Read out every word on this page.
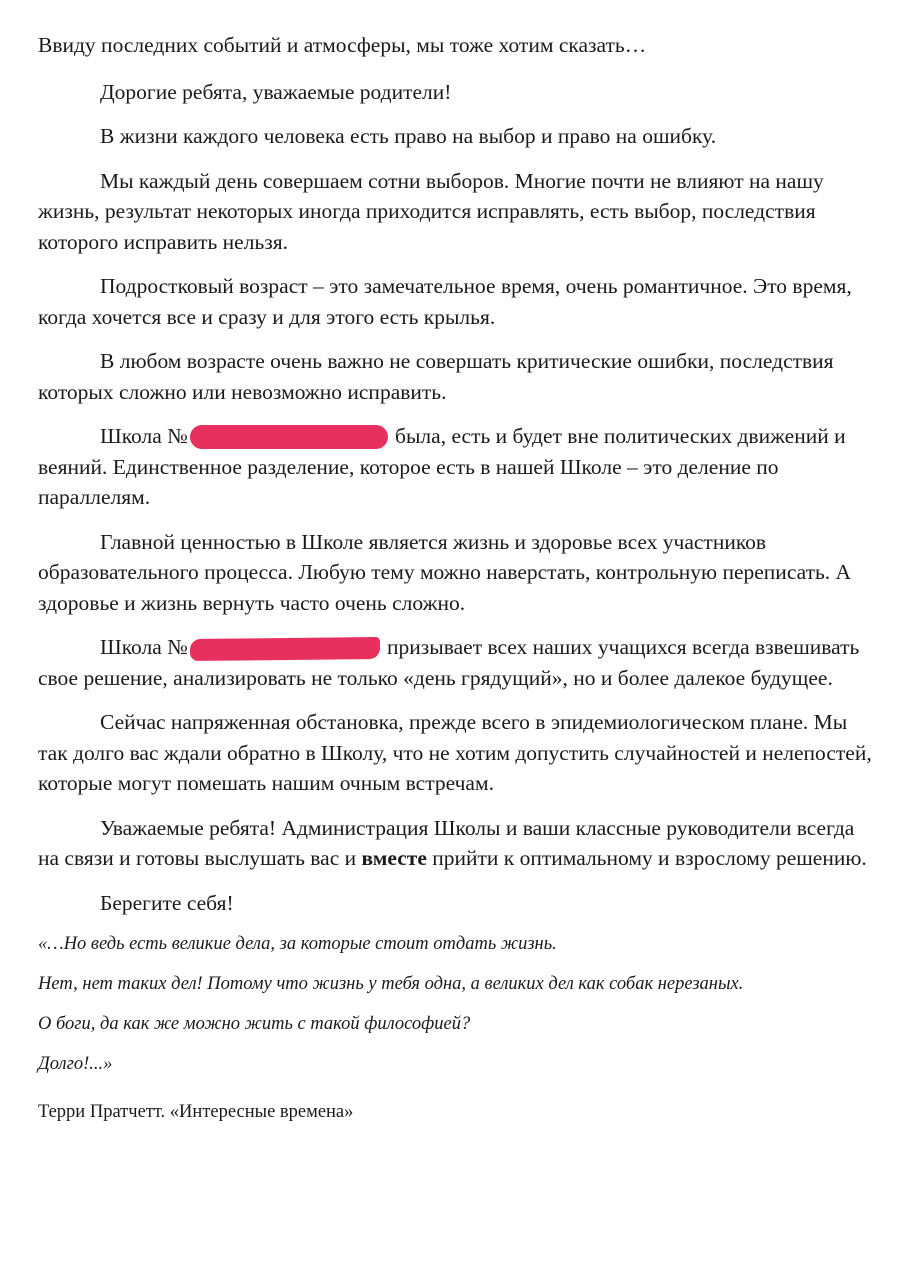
Ввиду последних событий и атмосферы, мы тоже хотим сказать…

Дорогие ребята, уважаемые родители!

В жизни каждого человека есть право на выбор и право на ошибку.

Мы каждый день совершаем сотни выборов. Многие почти не влияют на нашу жизнь, результат некоторых иногда приходится исправлять, есть выбор, последствия которого исправить нельзя.

Подростковый возраст – это замечательное время, очень романтичное. Это время, когда хочется все и сразу и для этого есть крылья.

В любом возрасте очень важно не совершать критические ошибки, последствия которых сложно или невозможно исправить.

Школа №	была, есть и будет вне политических движений и веяний. Единственное разделение, которое есть в нашей Школе – это деление по параллелям.

Главной ценностью в Школе является жизнь и здоровье всех участников образовательного процесса. Любую тему можно наверстать, контрольную переписать. А здоровье и жизнь вернуть часто очень сложно.

Школа №	призывает всех наших учащихся всегда взвешивать свое решение, анализировать не только «день грядущий», но и более далекое будущее.

Сейчас напряженная обстановка, прежде всего в эпидемиологическом плане. Мы так долго вас ждали обратно в Школу, что не хотим допустить случайностей и нелепостей, которые могут помешать нашим очным встречам.

Уважаемые ребята! Администрация Школы и ваши классные руководители всегда на связи и готовы выслушать вас и вместе прийти к оптимальному и взрослому решению.

Берегите себя!

«…Но ведь есть великие дела, за которые стоит отдать жизнь.

Нет, нет таких дел! Потому что жизнь у тебя одна, а великих дел как собак нерезаных.

О боги, да как же можно жить с такой философией?

Долго!...»

Терри Пратчетт. «Интересные времена»
